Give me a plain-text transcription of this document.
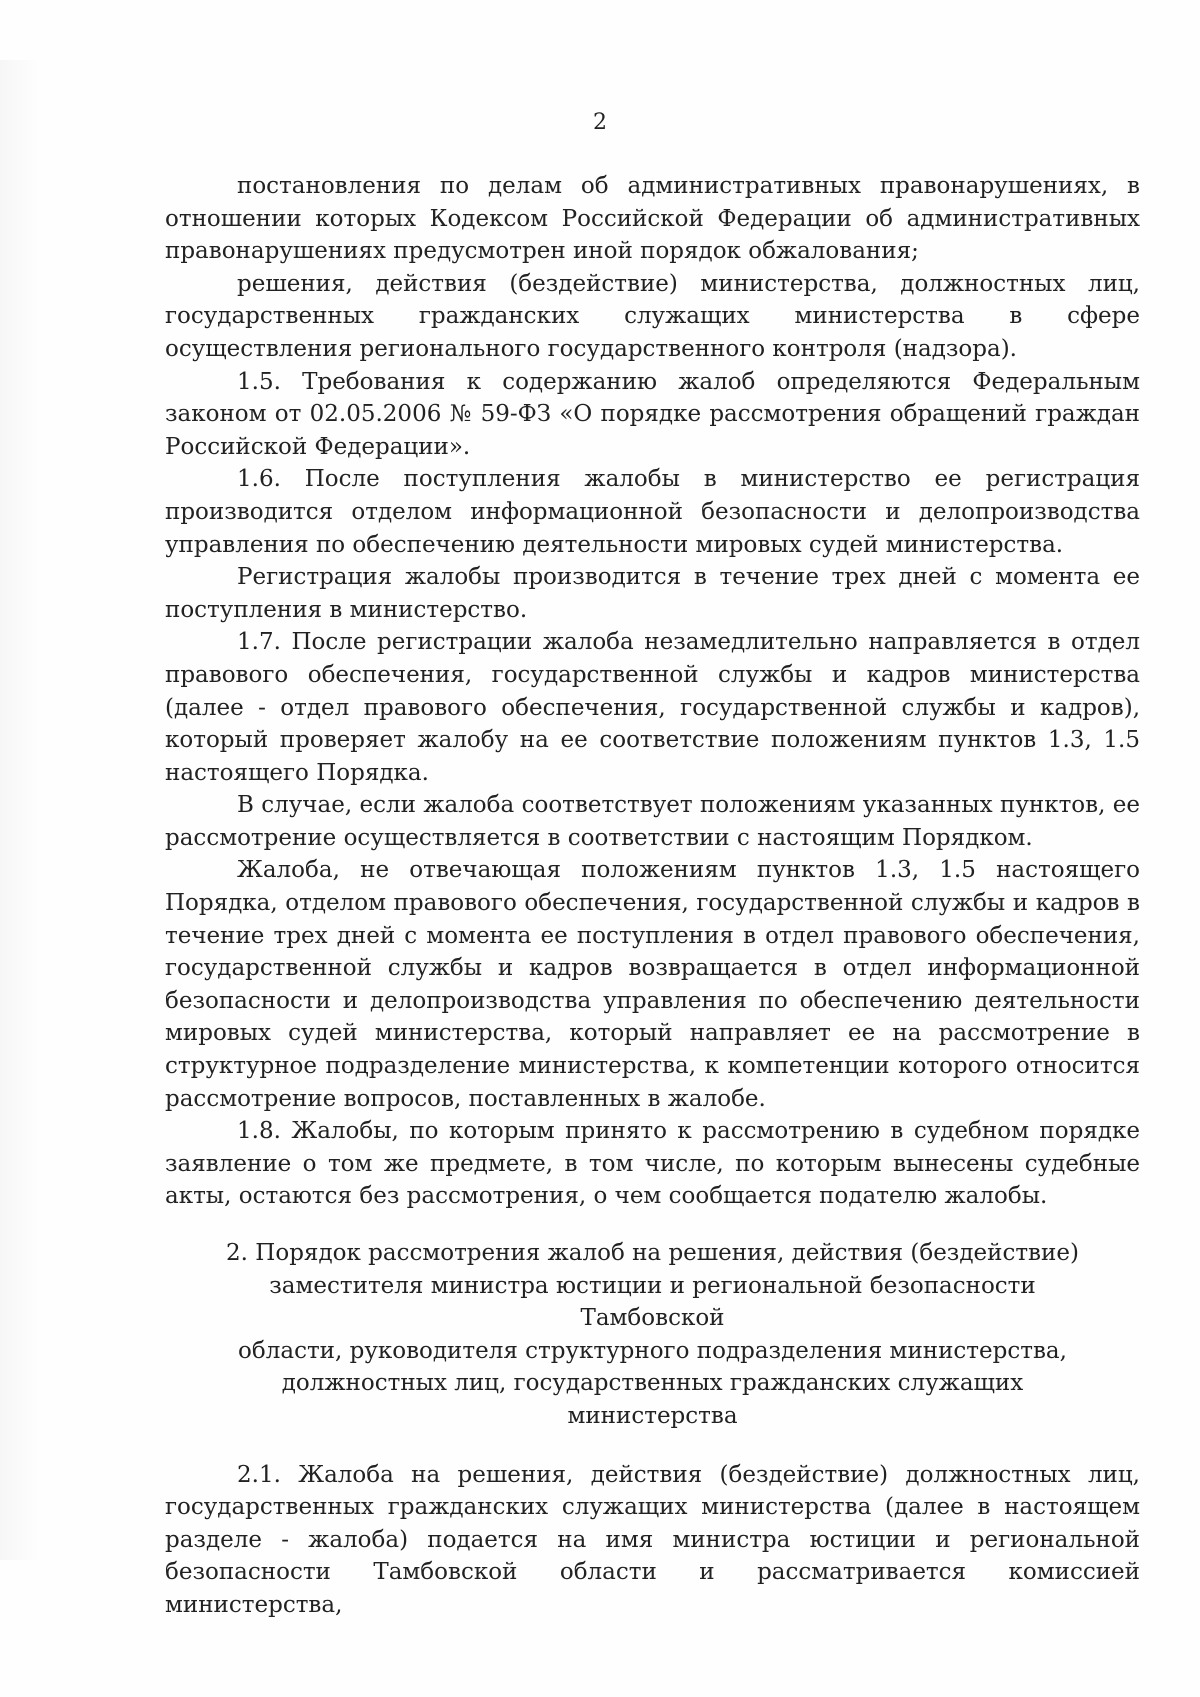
2

постановления по делам об административных правонарушениях, в отношении которых Кодексом Российской Федерации об административных правонарушениях предусмотрен иной порядок обжалования;

решения, действия (бездействие) министерства, должностных лиц, государственных гражданских служащих министерства в сфере осуществления регионального государственного контроля (надзора).

1.5. Требования к содержанию жалоб определяются Федеральным законом от 02.05.2006 № 59-ФЗ «О порядке рассмотрения обращений граждан Российской Федерации».

1.6. После поступления жалобы в министерство ее регистрация производится отделом информационной безопасности и делопроизводства управления по обеспечению деятельности мировых судей министерства.

Регистрация жалобы производится в течение трех дней с момента ее поступления в министерство.

1.7. После регистрации жалоба незамедлительно направляется в отдел правового обеспечения, государственной службы и кадров министерства (далее - отдел правового обеспечения, государственной службы и кадров), который проверяет жалобу на ее соответствие положениям пунктов 1.3, 1.5 настоящего Порядка.

В случае, если жалоба соответствует положениям указанных пунктов, ее рассмотрение осуществляется в соответствии с настоящим Порядком.

Жалоба, не отвечающая положениям пунктов 1.3, 1.5 настоящего Порядка, отделом правового обеспечения, государственной службы и кадров в течение трех дней с момента ее поступления в отдел правового обеспечения, государственной службы и кадров возвращается в отдел информационной безопасности и делопроизводства управления по обеспечению деятельности мировых судей министерства, который направляет ее на рассмотрение в структурное подразделение министерства, к компетенции которого относится рассмотрение вопросов, поставленных в жалобе.

1.8. Жалобы, по которым принято к рассмотрению в судебном порядке заявление о том же предмете, в том числе, по которым вынесены судебные акты, остаются без рассмотрения, о чем сообщается подателю жалобы.

2. Порядок рассмотрения жалоб на решения, действия (бездействие)
заместителя министра юстиции и региональной безопасности Тамбовской
области, руководителя структурного подразделения министерства,
должностных лиц, государственных гражданских служащих министерства

2.1. Жалоба на решения, действия (бездействие) должностных лиц, государственных гражданских служащих министерства (далее в настоящем разделе - жалоба) подается на имя министра юстиции и региональной безопасности Тамбовской области и рассматривается комиссией министерства,
